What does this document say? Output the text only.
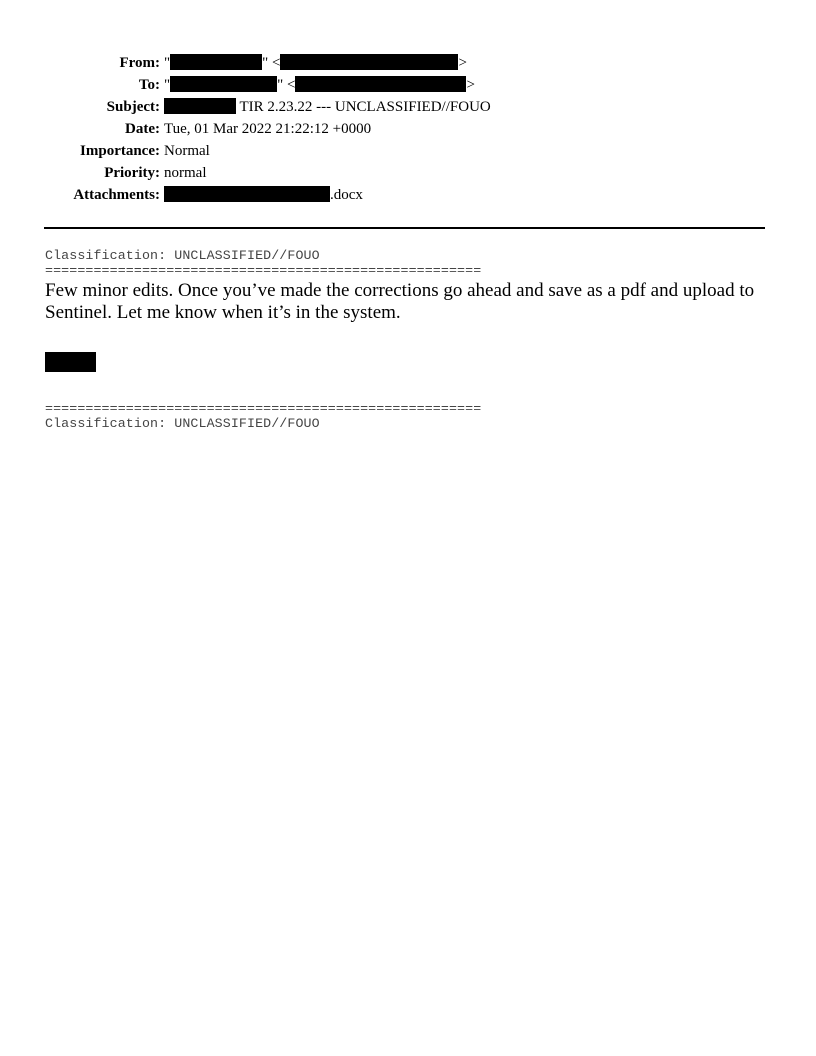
From:	" " < >
To:	" " < >
Subject:	TIR 2.23.22 --- UNCLASSIFIED//FOUO
Date:	Tue, 01 Mar 2022 21:22:12 +0000
Importance:	Normal
Priority:	normal
Attachments:	.docx
Classification: UNCLASSIFIED//FOUO
======================================================

Few minor edits. Once you’ve made the corrections go ahead and save as a pdf and upload to Sentinel. Let me know when it’s in the system.

======================================================
Classification: UNCLASSIFIED//FOUO
